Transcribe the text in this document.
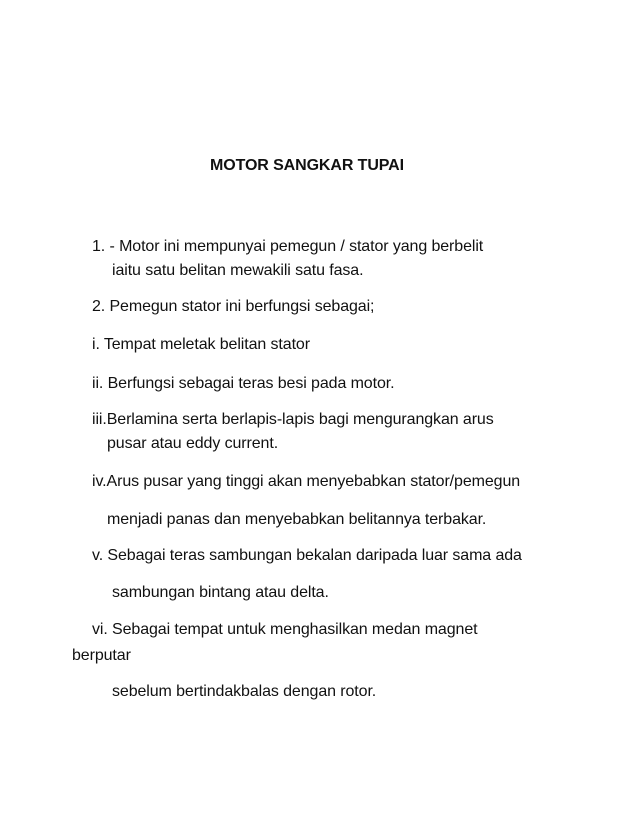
MOTOR SANGKAR TUPAI
1. - Motor ini mempunyai pemegun / stator yang berbelit
iaitu satu belitan mewakili satu fasa.
2. Pemegun stator ini berfungsi sebagai;
i. Tempat meletak belitan stator
ii. Berfungsi sebagai teras besi pada motor.
iii.Berlamina serta berlapis-lapis bagi mengurangkan arus
pusar atau eddy current.
iv.Arus pusar yang tinggi akan menyebabkan stator/pemegun
menjadi panas dan menyebabkan belitannya terbakar.
v. Sebagai teras sambungan bekalan daripada luar sama ada
sambungan bintang atau delta.
vi. Sebagai tempat untuk menghasilkan medan magnet
berputar
sebelum bertindakbalas dengan rotor.
